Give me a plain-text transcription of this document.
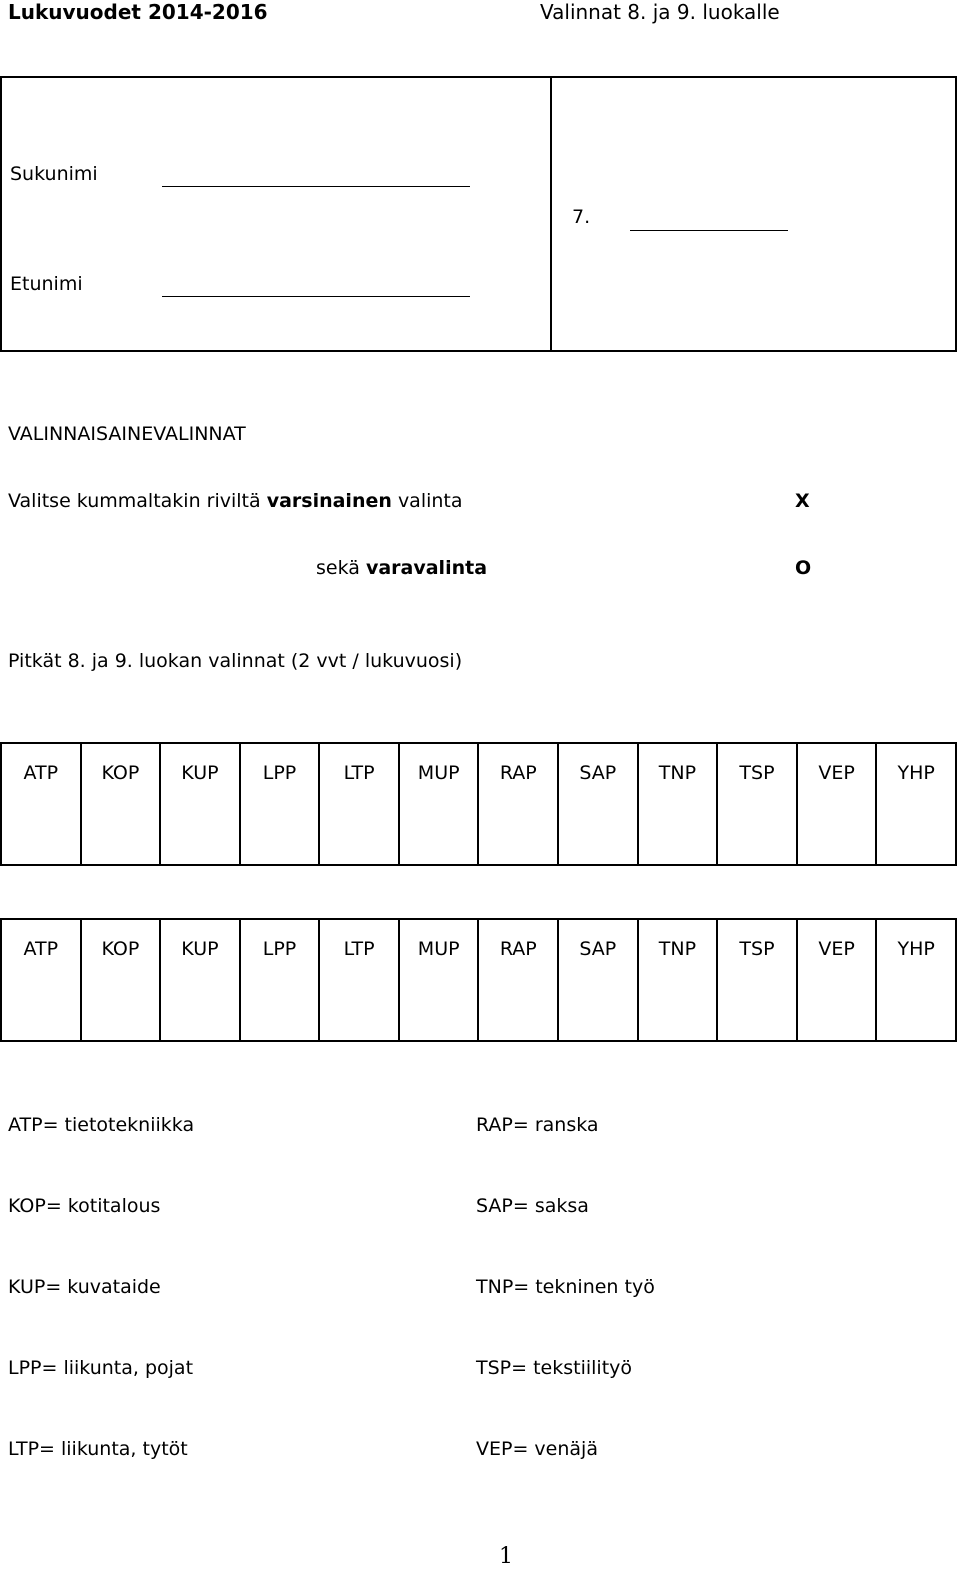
Lukuvuodet 2014-2016	Valinnat 8. ja 9. luokalle
Sukunimi
Etunimi
7.
VALINNAISAINEVALINNAT
Valitse kummaltakin riviltä varsinainen valinta	X
sekä varavalinta	O
Pitkät 8. ja 9. luokan valinnat (2 vvt / lukuvuosi)
ATP	KOP	KUP	LPP	LTP	MUP	RAP	SAP	TNP	TSP	VEP	YHP
ATP	KOP	KUP	LPP	LTP	MUP	RAP	SAP	TNP	TSP	VEP	YHP
ATP= tietotekniikka
KOP= kotitalous
KUP= kuvataide
LPP= liikunta, pojat
LTP= liikunta, tytöt
RAP= ranska
SAP= saksa
TNP= tekninen työ
TSP= tekstiilityö
VEP= venäjä
1
